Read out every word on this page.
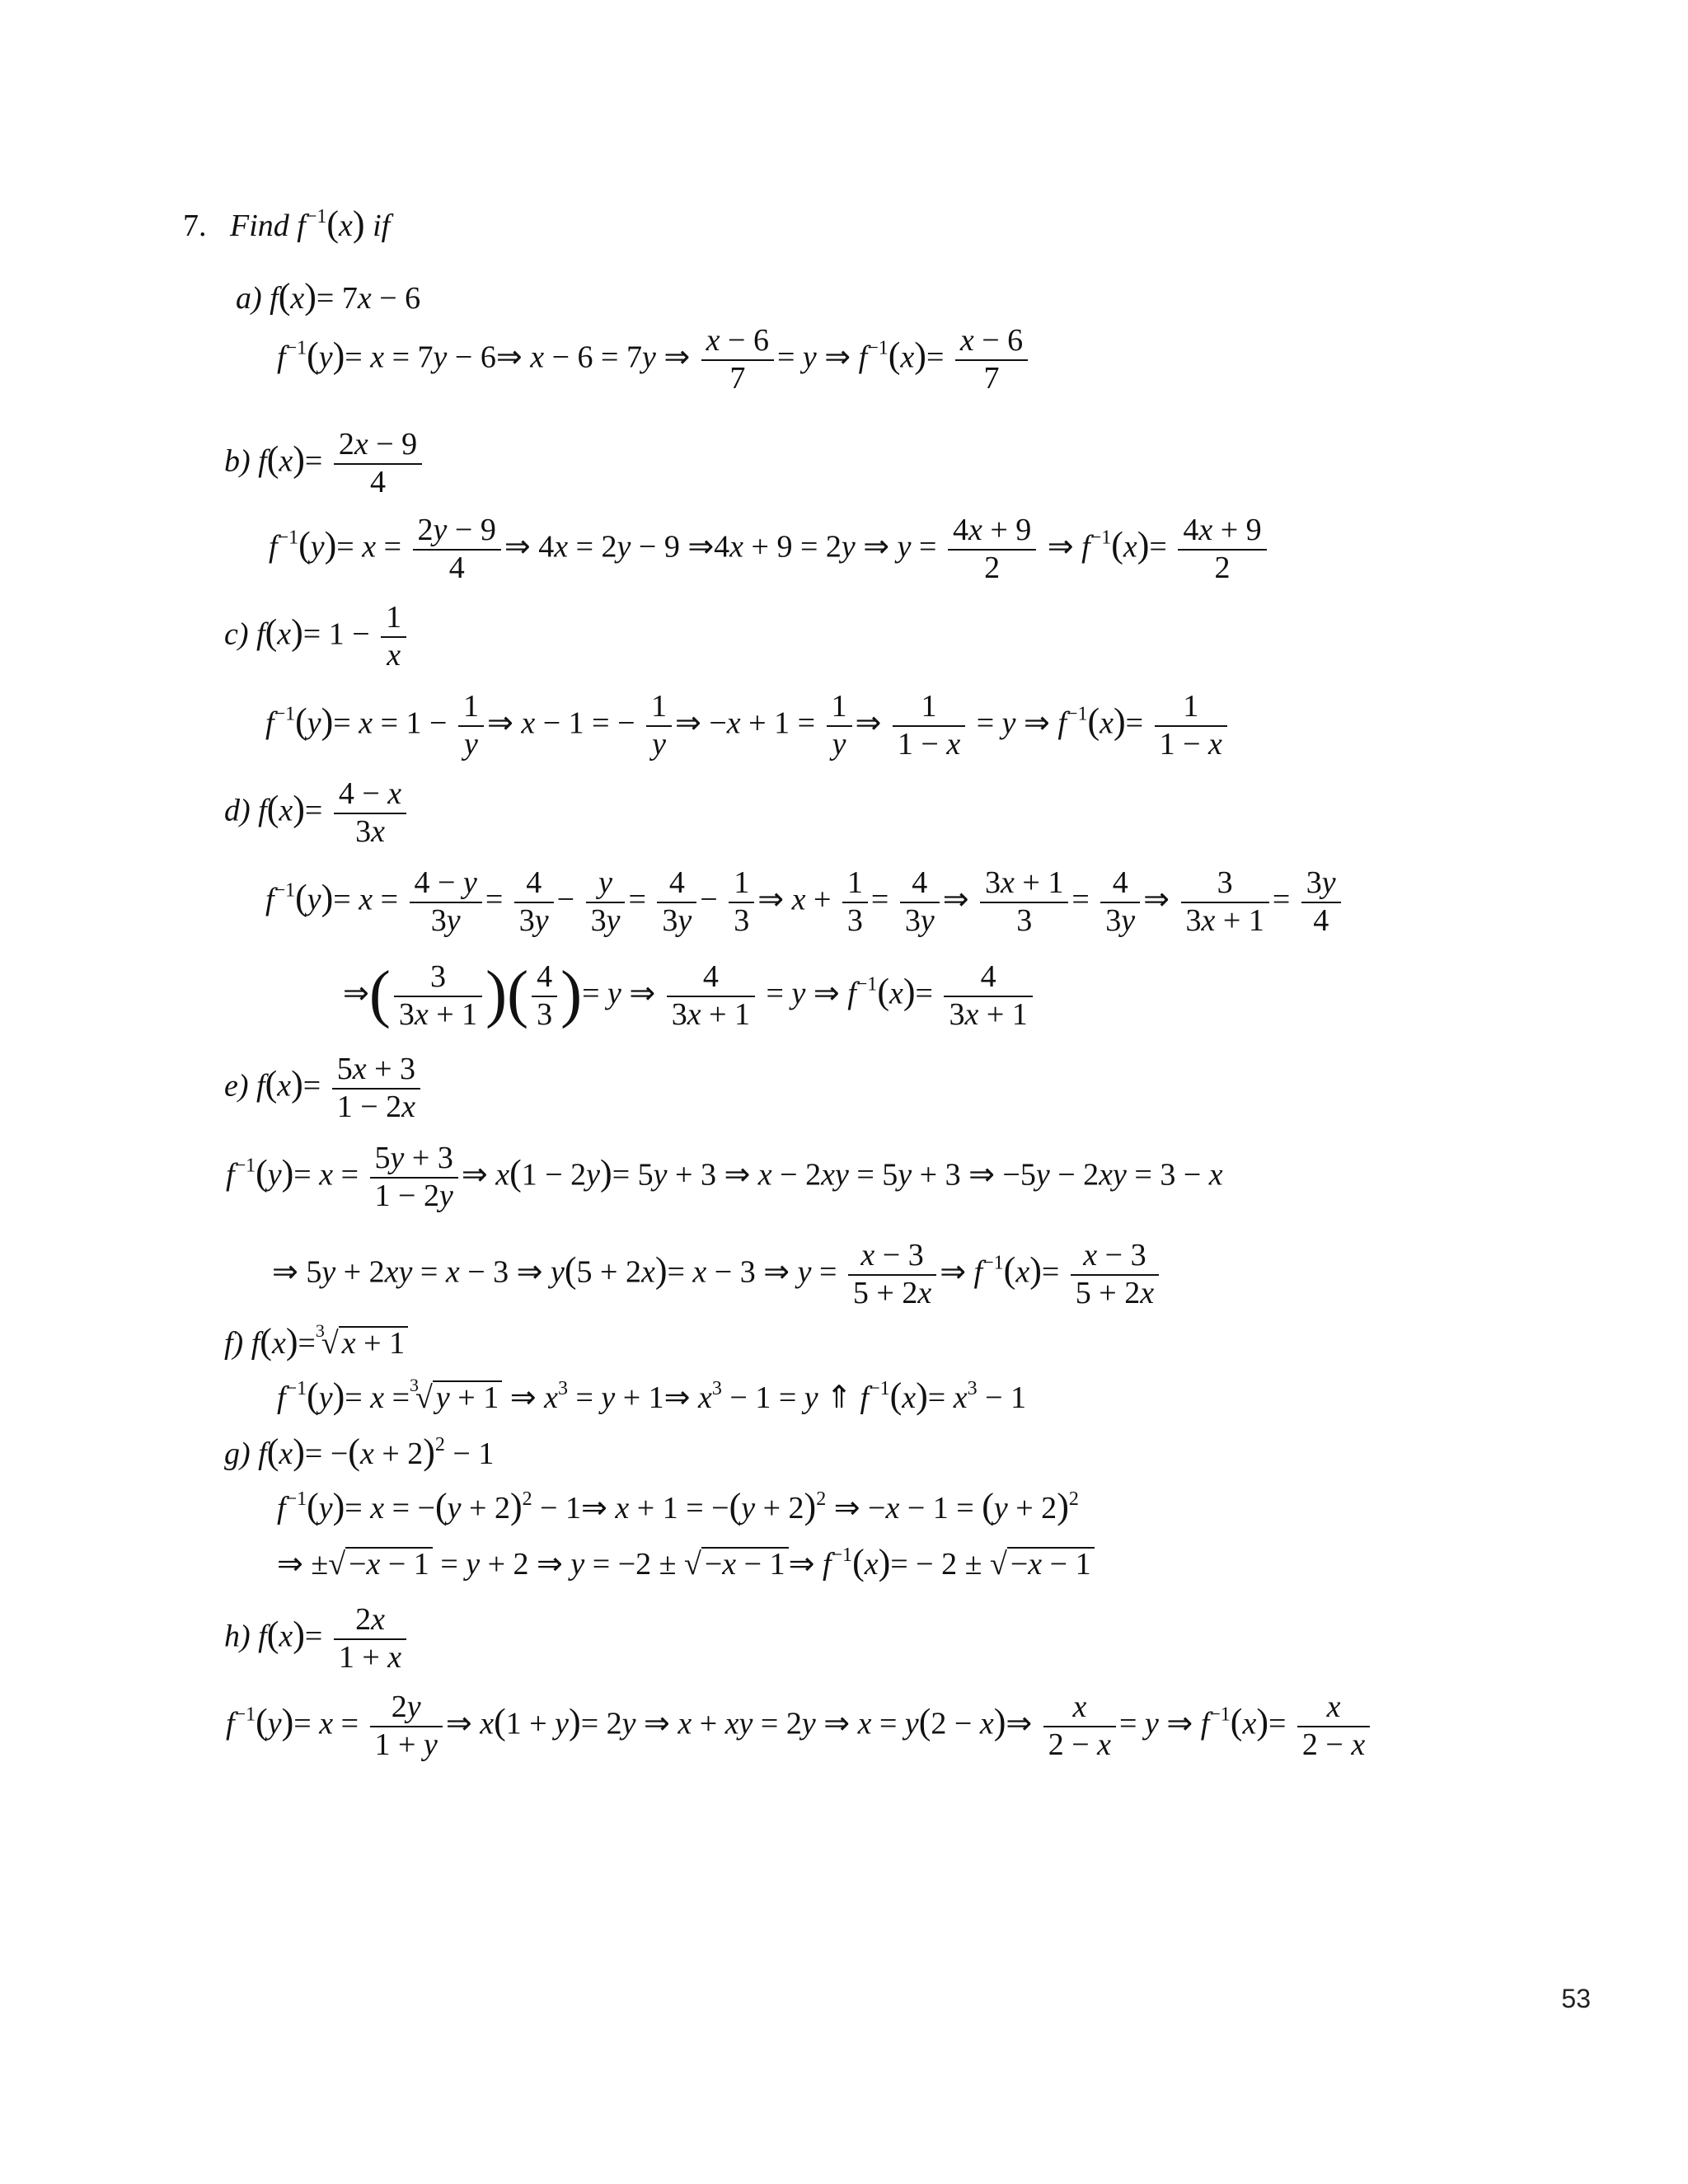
7. Find $f^{-1}(x)$ if
a) f(x)= 7x − 6
$f^{-1}(y)= x = 7y$ − 6⇒ x − 6 = 7y ⇒ $\frac{x - 6}{7} = y$ ⇒ $f^{-1}(x)= \frac{x - 6}{7}$
b) $f(x)= \frac{2x - 9}{4}$
$f^{-1}(y)= x = \frac{2y - 9}{4}$ ⇒ 4x = 2y − 9 ⇒4x + 9 = 2y ⇒ $y = \frac{4x + 9}{2}$ ⇒ $f^{-1}(x)= \frac{4x + 9}{2}$
c) $f(x)= 1 - \frac{1}{x}$
$f^{-1}(y)= x = 1 - \frac{1}{y}$ ⇒ x − 1 = − $\frac{1}{y}$ ⇒ $-x + 1 = \frac{1}{y}$ ⇒ $\frac{1}{1 - x} = y$ ⇒ $f^{-1}(x)= \frac{1}{1 - x}$
d) $f(x)= \frac{4 - x}{3x}$
$f^{-1}(y)= x = \frac{4 - y}{3y} = \frac{4}{3y} - \frac{y}{3y} = \frac{4}{3y} - \frac{1}{3}$ ⇒ $x + \frac{1}{3} = \frac{4}{3y}$ ⇒ $\frac{3x + 1}{3} = \frac{4}{3y}$ ⇒ $\frac{3}{3x + 1} = \frac{3y}{4}$
⇒( $\frac{3}{3x + 1}$ )( $\frac{4}{3}$ )= y ⇒ $\frac{4}{3x + 1} = y$ ⇒ $f^{-1}(x)= \frac{4}{3x + 1}$
e) $f(x)= \frac{5x + 3}{1 - 2x}$
$f^{-1}(y)= x = \frac{5y + 3}{1 - 2y}$ ⇒ x(1 − 2y)= 5y + 3 ⇒ x − 2xy = 5y + 3 ⇒ −5y − 2xy = 3 − x
⇒ 5y + 2xy = x − 3 ⇒ y(5 + 2x)= x − 3 ⇒ $y = \frac{x - 3}{5 + 2x}$ ⇒ $f^{-1}(x)= \frac{x - 3}{5 + 2x}$
f) f(x)=$^3$√ x + 1
$f^{-1}(y)= x =^3√$ y + 1 ⇒ $x^3 = y$ + 1⇒ $x^3 - 1 = y$ ⇑ $f^{-1}(x)= x^3 - 1$
g) $f(x)= -(x + 2)^2 - 1$
$f^{-1}(y)= x = -(y + 2)^2$ − 1⇒ $x + 1 = -(y + 2)^2$ ⇒ $-x - 1 = (y + 2)^2$
⇒ ±√ −x − 1 = y + 2 ⇒ y = −2 ± √ −x − 1 ⇒ $f^{-1}(x)= - 2$ ± √ −x − 1
h) $f(x)= \frac{2x}{1 + x}$
$f^{-1}(y)= x = \frac{2y}{1 + y}$ ⇒ x(1 + y)= 2y ⇒ x + xy = 2y ⇒ x = y(2 − x)⇒ $\frac{x}{2 - x} = y$ ⇒ $f^{-1}(x)= \frac{x}{2 - x}$
53
